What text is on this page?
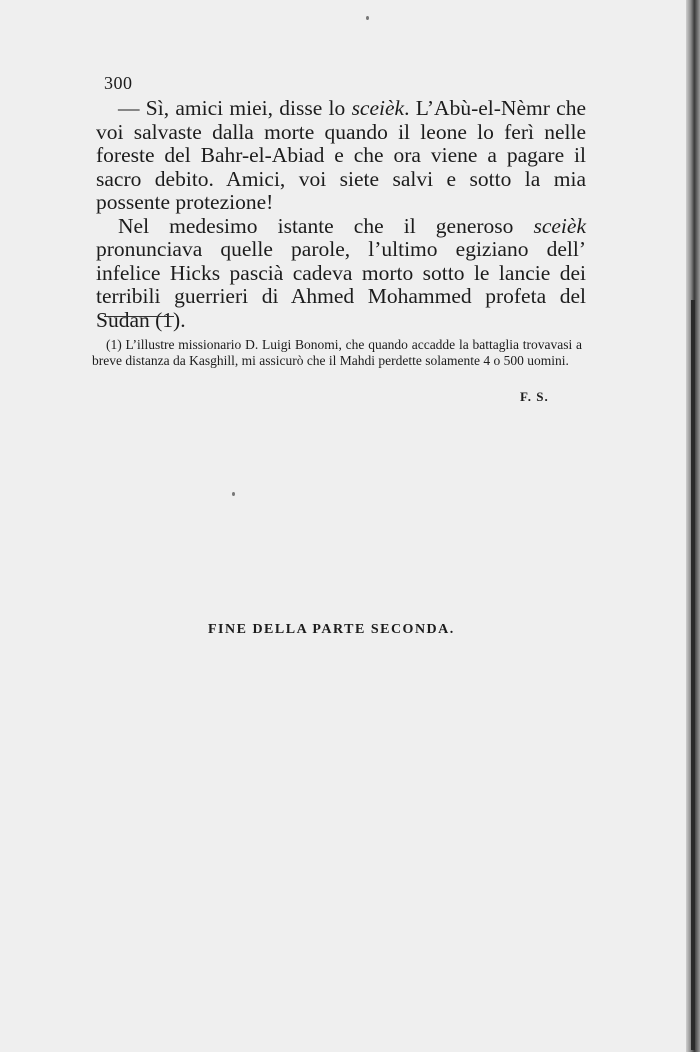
300

— Sì, amici miei, disse lo sceièk. L’Abù-el-Nèmr che voi salvaste dalla morte quando il leone lo ferì nelle foreste del Bahr-el-Abiad e che ora viene a pagare il sacro debito. Amici, voi siete salvi e sotto la mia possente protezione!

Nel medesimo istante che il generoso sceièk pronunciava quelle parole, l’ultimo egiziano dell’ infelice Hicks pascià cadeva morto sotto le lancie dei terribili guerrieri di Ahmed Mohammed profeta del Sudan (1).

(1) L’illustre missionario D. Luigi Bonomi, che quando accadde la battaglia trovavasi a breve distanza da Kasghill, mi assicurò che il Mahdi perdette solamente 4 o 500 uomini.

F. S.
FINE DELLA PARTE SECONDA.
